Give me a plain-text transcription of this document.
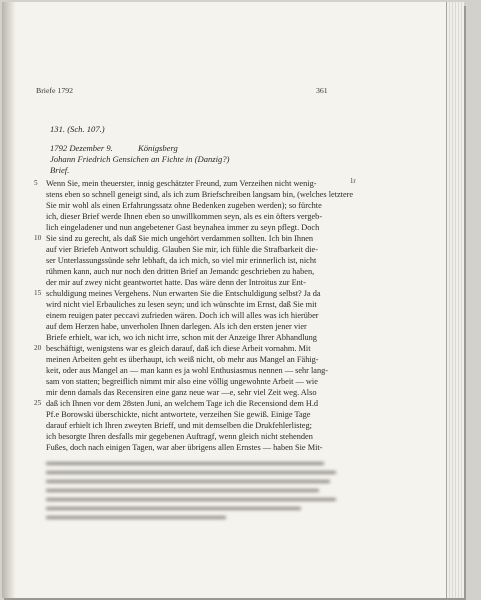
Briefe 1792	361
131. (Sch. 107.)
1792 Dezember 9.	Königsberg
Johann Friedrich Gensichen an Fichte in (Danzig?)
Brief.
1r
5 Wenn Sie, mein theuerster, innig geschätzter Freund, zum Verzeihen nicht wenig-
stens eben so schnell geneigt sind, als ich zum Briefschreiben langsam bin, (welches letztere
Sie mir wohl als einen Erfahrungssatz ohne Bedenken zugeben werden); so fürchte
ich, dieser Brief werde Ihnen eben so unwillkommen seyn, als es ein öfters vergeb-
lich eingeladener und nun angebetener Gast beynahea immer zu seyn pflegt. Doch
10 Sie sind zu gerecht, als daß Sie mich ungehört verdammen sollten. Ich bin Ihnen
auf vier Briefeb Antwort schuldig. Glauben Sie mir, ich fühle die Strafbarkeit die-
ser Unterlassungssünde sehr lebhaft, da ich mich, so viel mir erinnerlich ist, nicht
rühmen kann, auch nur noch den dritten Brief an Jemandc geschrieben zu haben,
der mir auf zwey nicht geantwortet hatte. Das wäre denn der Introitus zur Ent-
15 schuldigung meines Vergehens. Nun erwarten Sie die Entschuldigung selbst? Ja da
wird nicht viel Erbauliches zu lesen seyn; und ich wünschte im Ernst, daß Sie mit
einem reuigen pater peccavi zufrieden wären. Doch ich will alles was ich hierüber
auf dem Herzen habe, unverholen Ihnen darlegen. Als ich den ersten jener vier
Briefe erhielt, war ich, wo ich nicht irre, schon mit der Anzeige Ihrer Abhandlung
20 beschäftigt, wenigstens war es gleich darauf, daß ich diese Arbeit vornahm. Mit
meinen Arbeiten geht es überhaupt, ich weiß nicht, ob mehr aus Mangel an Fähig-
keit, oder aus Mangel an — man kann es ja wohl Enthusiasmus nennen — sehr lang-
sam von statten; begreiflich nimmt mir also eine völlig ungewohnte Arbeit — wie
mir denn damals das Recensiren eine ganz neue war —e, sehr viel Zeit weg. Also
25 daß ich Ihnen vor dem 28sten Juni, an welchem Tage ich die Recensiond dem H.d
Pf.e Borowski überschickte, nicht antwortete, verzeihen Sie gewiß. Einige Tage
darauf erhielt ich Ihren zweyten Brieff, und mit demselben die Drukfehlerlisteg;
ich besorgte Ihren desfalls mir gegebenen Auftragf, wenn gleich nicht stehenden
Fußes, doch nach einigen Tagen, war aber übrigens allen Ernstes — haben Sie Mit-
